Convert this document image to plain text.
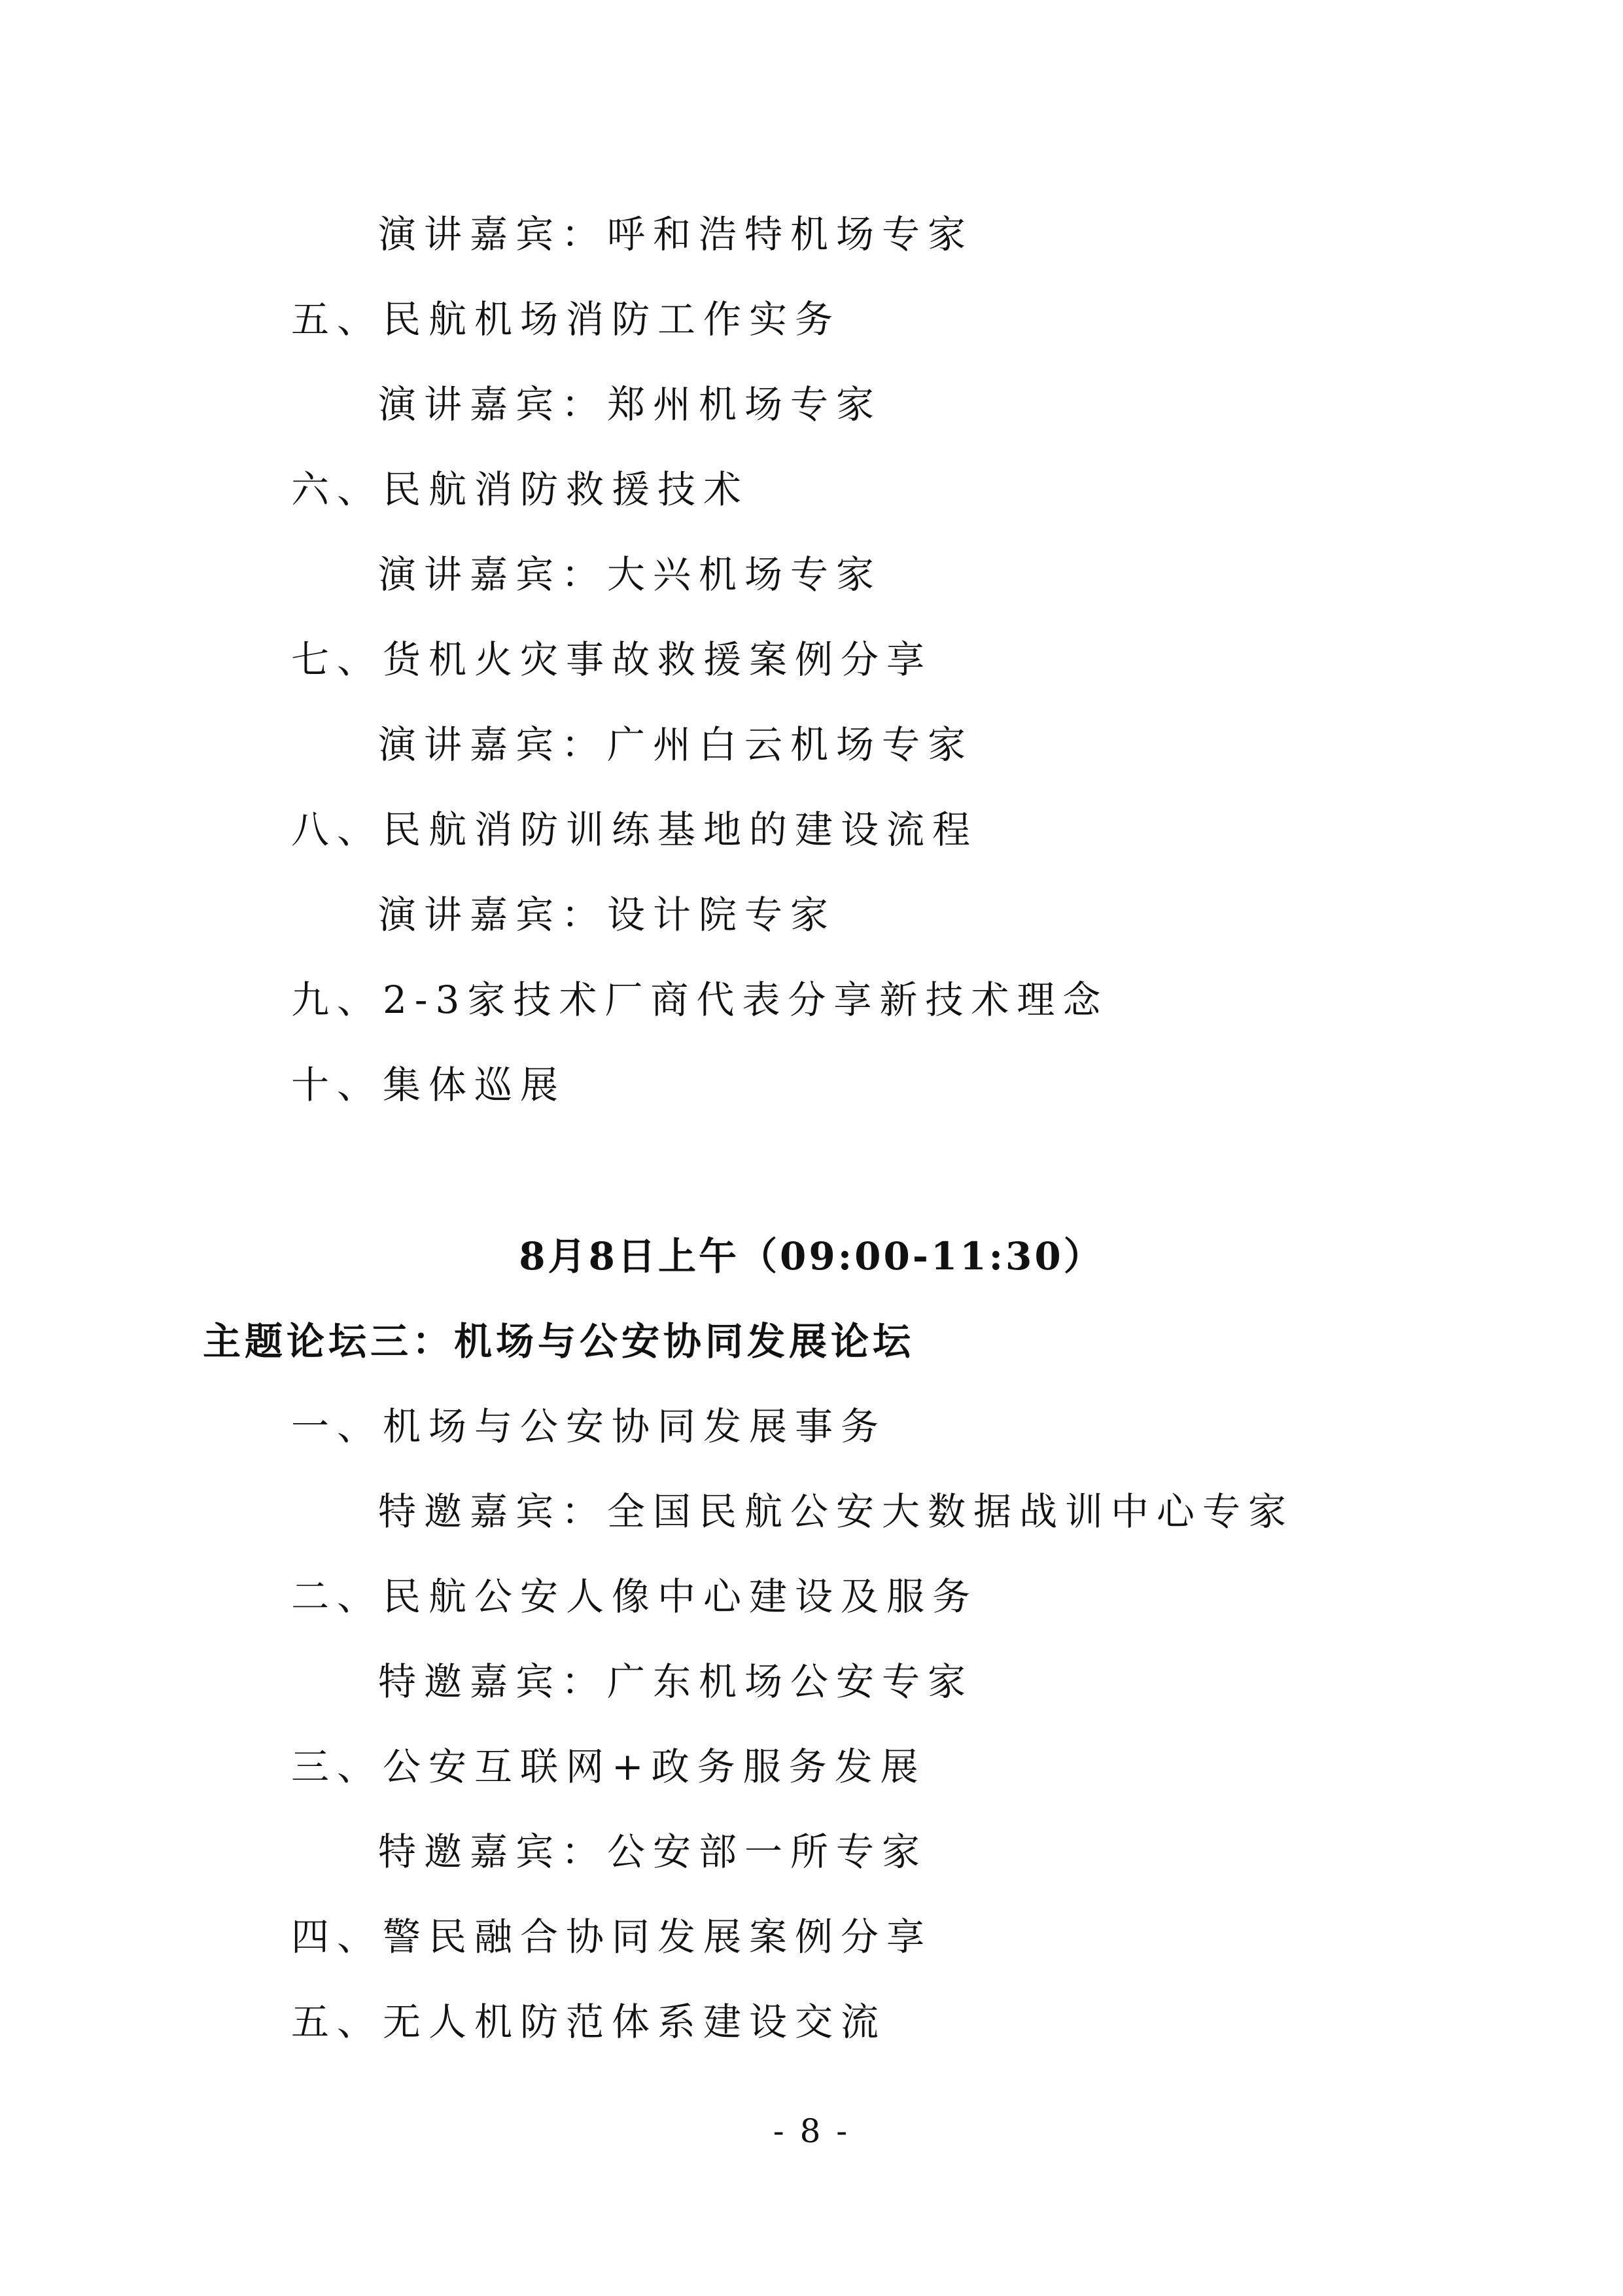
演讲嘉宾：呼和浩特机场专家
五、民航机场消防工作实务
演讲嘉宾：郑州机场专家
六、民航消防救援技术
演讲嘉宾：大兴机场专家
七、货机火灾事故救援案例分享
演讲嘉宾：广州白云机场专家
八、民航消防训练基地的建设流程
演讲嘉宾：设计院专家
九、2-3家技术厂商代表分享新技术理念
十、集体巡展
8月8日上午（09:00-11:30）
主题论坛三：机场与公安协同发展论坛
一、机场与公安协同发展事务
特邀嘉宾：全国民航公安大数据战训中心专家
二、民航公安人像中心建设及服务
特邀嘉宾：广东机场公安专家
三、公安互联网+政务服务发展
特邀嘉宾：公安部一所专家
四、警民融合协同发展案例分享
五、无人机防范体系建设交流
- 8 -
